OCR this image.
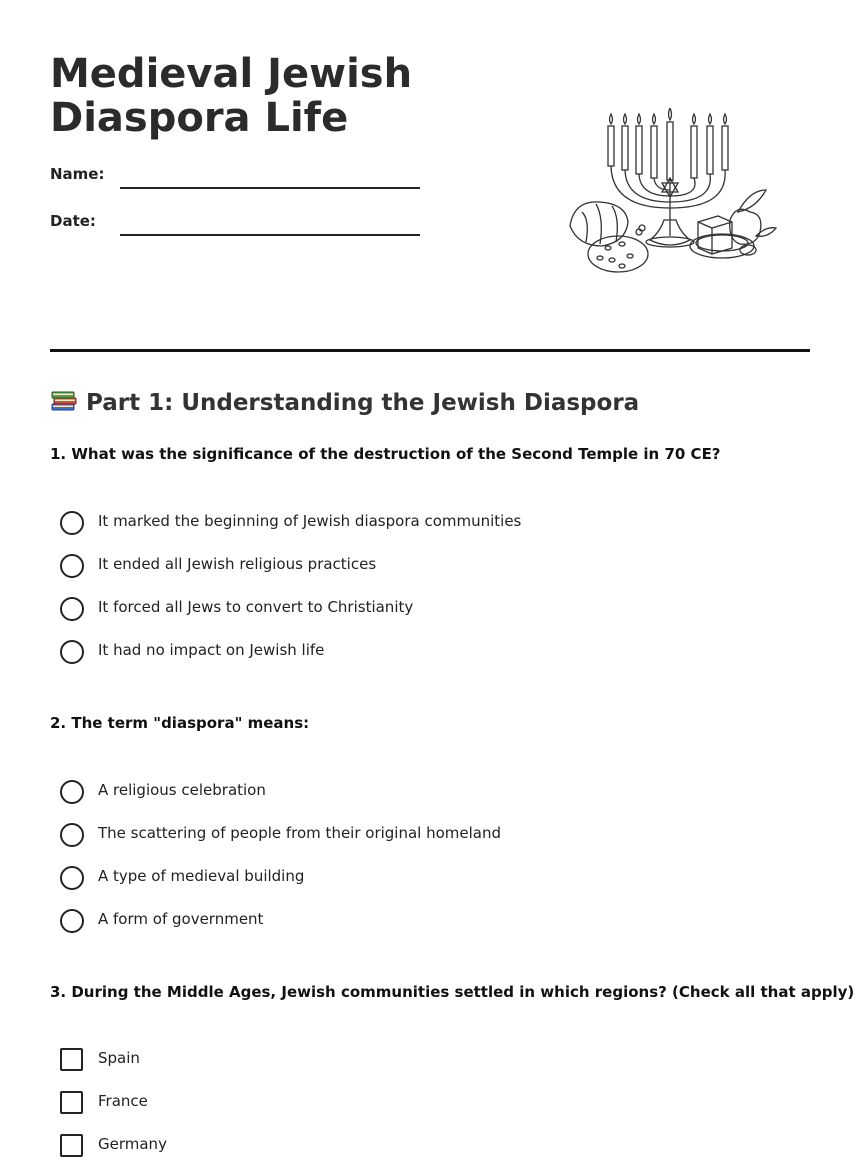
Medieval Jewish
Diaspora Life
Name:
Date:
Part 1: Understanding the Jewish Diaspora

1. What was the significance of the destruction of the Second Temple in 70 CE?

It marked the beginning of Jewish diaspora communities
It ended all Jewish religious practices
It forced all Jews to convert to Christianity
It had no impact on Jewish life

2. The term "diaspora" means:

A religious celebration
The scattering of people from their original homeland
A type of medieval building
A form of government

3. During the Middle Ages, Jewish communities settled in which regions? (Check all that apply)

Spain
France
Germany
